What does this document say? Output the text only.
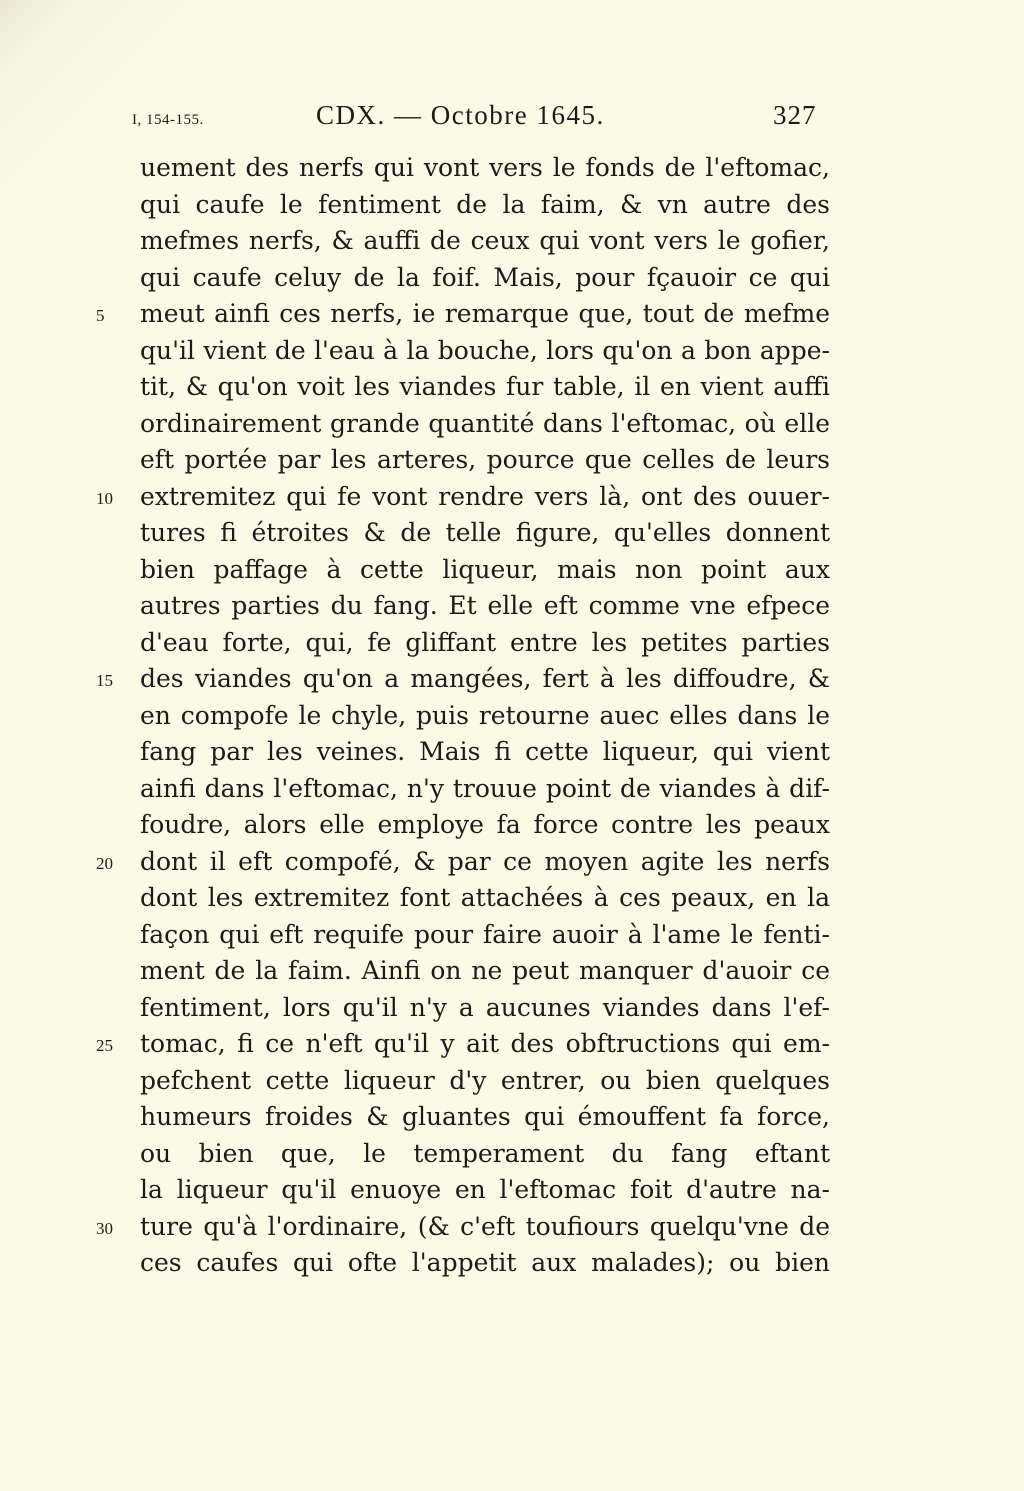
I, 154-155.	CDX. — Octobre 1645.	327
uement des nerfs qui vont vers le fonds de l'eftomac,
qui caufe le fentiment de la faim, & vn autre des
mefmes nerfs, & auffi de ceux qui vont vers le gofier,
qui caufe celuy de la foif. Mais, pour fçauoir ce qui
5	meut ainfi ces nerfs, ie remarque que, tout de mefme
qu'il vient de l'eau à la bouche, lors qu'on a bon appe-
tit, & qu'on voit les viandes fur table, il en vient auffi
ordinairement grande quantité dans l'eftomac, où elle
eft portée par les arteres, pource que celles de leurs
10	extremitez qui fe vont rendre vers là, ont des ouuer-
tures fi étroites & de telle figure, qu'elles donnent
bien paffage à cette liqueur, mais non point aux
autres parties du fang. Et elle eft comme vne efpece
d'eau forte, qui, fe gliffant entre les petites parties
15	des viandes qu'on a mangées, fert à les diffoudre, &
en compofe le chyle, puis retourne auec elles dans le
fang par les veines. Mais fi cette liqueur, qui vient
ainfi dans l'eftomac, n'y trouue point de viandes à dif-
foudre, alors elle employe fa force contre les peaux
20	dont il eft compofé, & par ce moyen agite les nerfs
dont les extremitez font attachées à ces peaux, en la
façon qui eft requife pour faire auoir à l'ame le fenti-
ment de la faim. Ainfi on ne peut manquer d'auoir ce
fentiment, lors qu'il n'y a aucunes viandes dans l'ef-
25	tomac, fi ce n'eft qu'il y ait des obftructions qui em-
pefchent cette liqueur d'y entrer, ou bien quelques
humeurs froides & gluantes qui émouffent fa force,
ou bien que, le temperament du fang eftant
la liqueur qu'il enuoye en l'eftomac foit d'autre na-
30	ture qu'à l'ordinaire, (& c'eft toufiours quelqu'vne de
ces caufes qui ofte l'appetit aux malades); ou bien
